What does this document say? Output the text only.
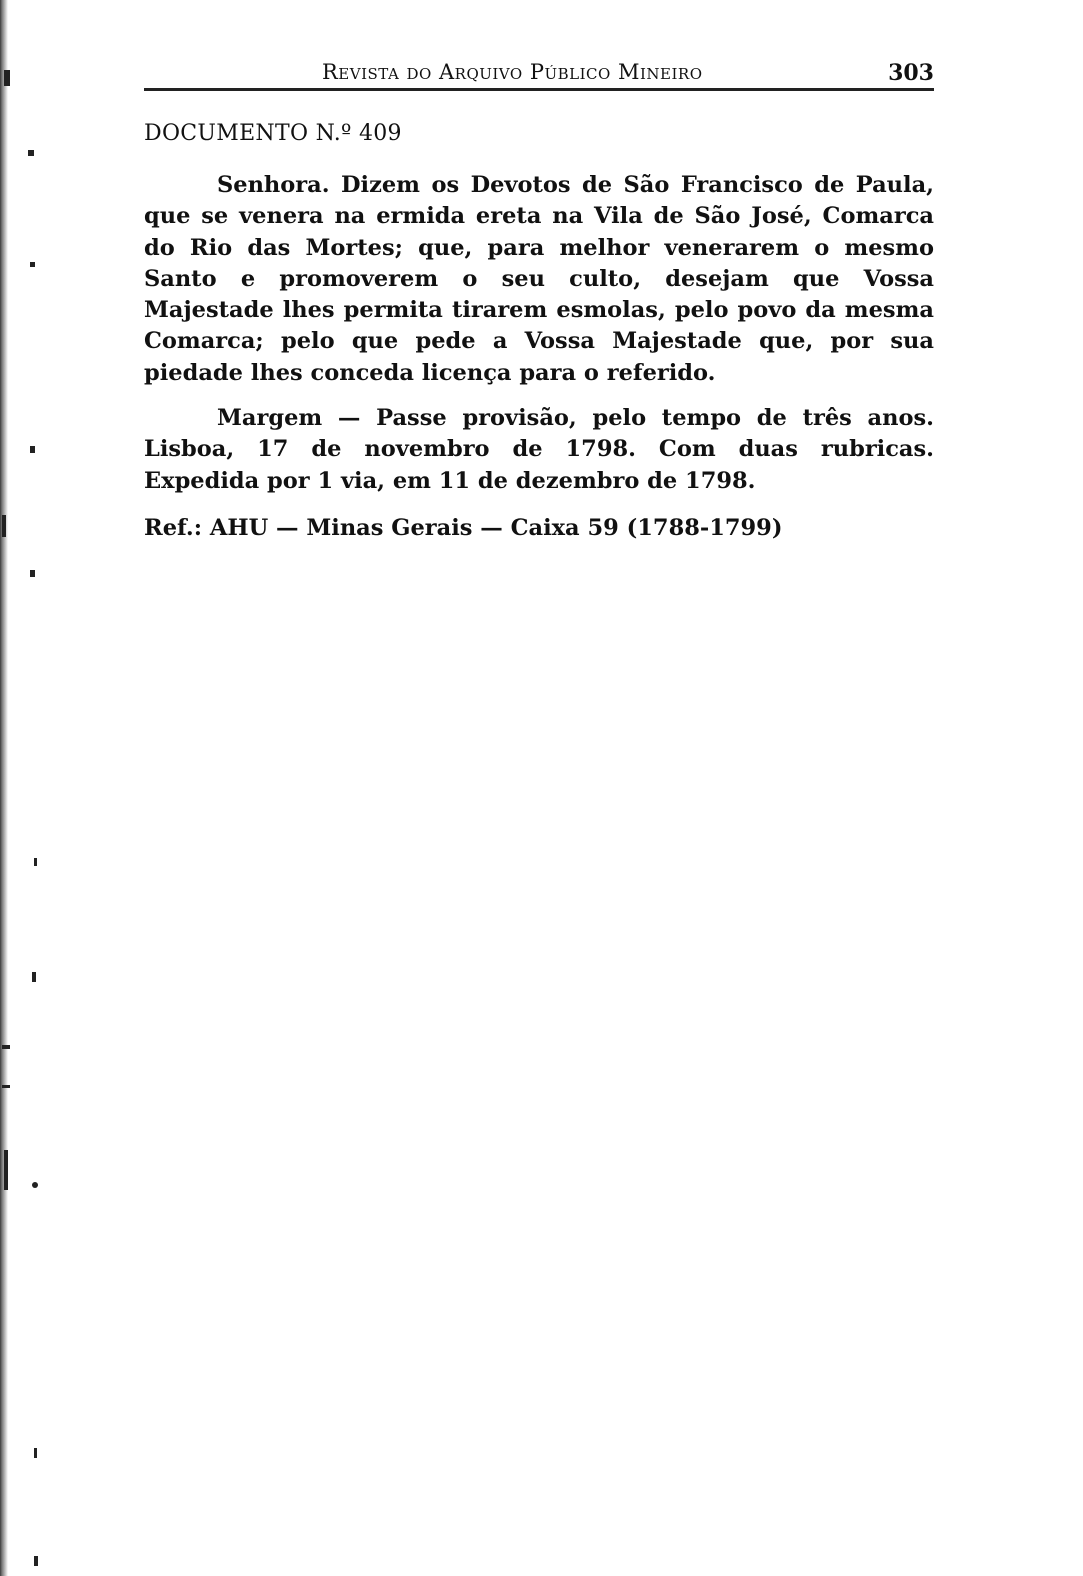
Revista do Arquivo Público Mineiro	303
DOCUMENTO N.º 409

Senhora. Dizem os Devotos de São Francisco de Paula, que se venera na ermida ereta na Vila de São José, Comarca do Rio das Mortes; que, para melhor venerarem o mesmo Santo e promoverem o seu culto, desejam que Vossa Majestade lhes permita tirarem esmolas, pelo povo da mesma Comarca; pelo que pede a Vossa Majestade que, por sua piedade lhes conceda licença para o referido.

Margem — Passe provisão, pelo tempo de três anos. Lisboa, 17 de novembro de 1798. Com duas rubricas. Expedida por 1 via, em 11 de dezembro de 1798.

Ref.: AHU — Minas Gerais — Caixa 59 (1788-1799)
